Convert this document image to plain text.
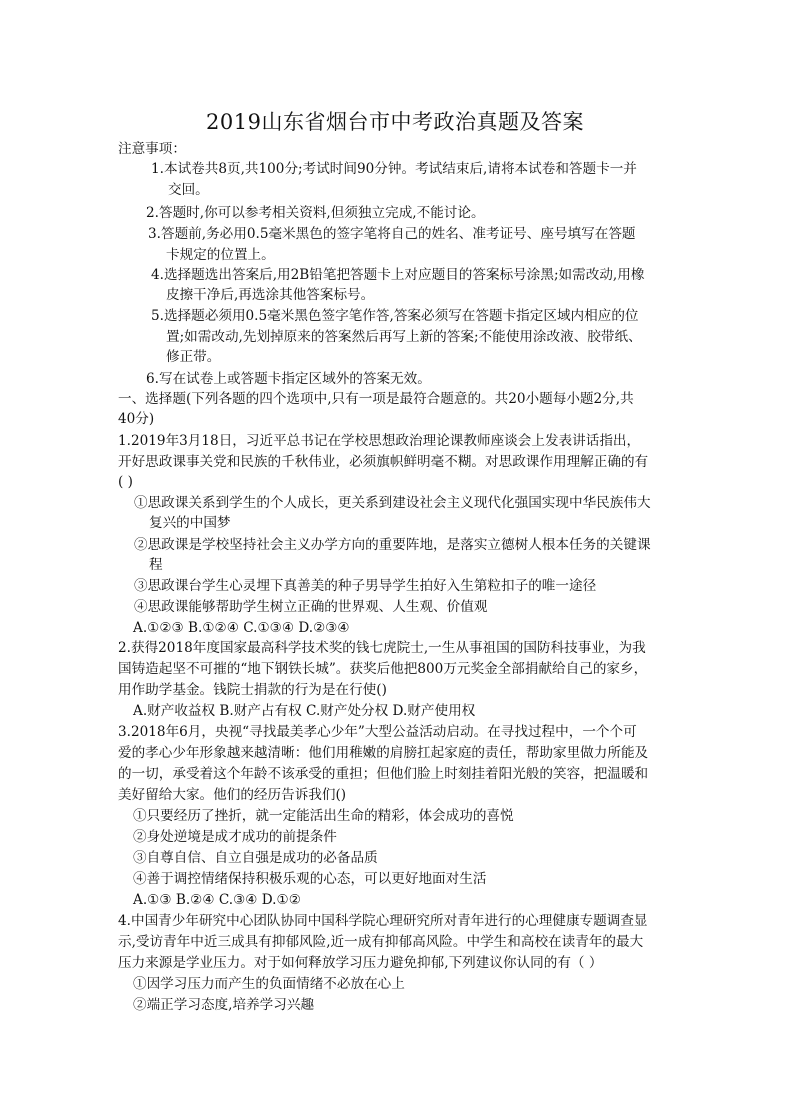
2019山东省烟台市中考政治真题及答案
注意事项：
1.本试卷共8页,共100分;考试时间90分钟。考试结束后,请将本试卷和答题卡一并
交回。
2.答题时,你可以参考相关资料,但须独立完成,不能讨论。
3.答题前,务必用0.5毫米黑色的签字笔将自己的姓名、准考证号、座号填写在答题
卡规定的位置上。
4.选择题选出答案后,用2B铅笔把答题卡上对应题目的答案标号涂黑;如需改动,用橡
皮擦干净后,再选涂其他答案标号。
5.选择题必须用0.5毫米黑色签字笔作答,答案必须写在答题卡指定区域内相应的位
置;如需改动,先划掉原来的答案然后再写上新的答案;不能使用涂改液、胶带纸、
修正带。
6.写在试卷上或答题卡指定区域外的答案无效。
一、选择题(下列各题的四个选项中,只有一项是最符合题意的。共20小题每小题2分,共
40分)
1.2019年3月18日，习近平总书记在学校思想政治理论课教师座谈会上发表讲话指出，
开好思政课事关党和民族的千秋伟业，必须旗帜鲜明毫不糊。对思政课作用理解正确的有
( )
①思政课关系到学生的个人成长，更关系到建设社会主义现代化强国实现中华民族伟大
复兴的中国梦
②思政课是学校坚持社会主义办学方向的重要阵地，是落实立德树人根本任务的关键课
程
③思政课台学生心灵埋下真善美的种子男导学生拍好入生第粒扣子的唯一途径
④思政课能够帮助学生树立正确的世界观、人生观、价值观
A.①②③ B.①②④ C.①③④ D.②③④
2.获得2018年度国家最高科学技术奖的钱七虎院士,一生从事祖国的国防科技事业，为我
国铸造起坚不可摧的“地下钢铁长城”。获奖后他把800万元奖金全部捐献给自己的家乡，
用作助学基金。钱院士捐款的行为是在行使()
A.财产收益权 B.财产占有权 C.财产处分权 D.财产使用权
3.2018年6月，央视“寻找最美孝心少年”大型公益活动启动。在寻找过程中，一个个可
爱的孝心少年形象越来越清晰：他们用稚嫩的肩膀扛起家庭的责任，帮助家里做力所能及
的一切，承受着这个年龄不该承受的重担；但他们脸上时刻挂着阳光般的笑容，把温暖和
美好留给大家。他们的经历告诉我们()
①只要经历了挫折，就一定能活出生命的精彩，体会成功的喜悦
②身处逆境是成才成功的前提条件
③自尊自信、自立自强是成功的必备品质
④善于调控情绪保持积极乐观的心态，可以更好地面对生活
A.①③ B.②④ C.③④ D.①②
4.中国青少年研究中心团队协同中国科学院心理研究所对青年进行的心理健康专题调查显
示,受访青年中近三成具有抑郁风险,近一成有抑郁高风险。中学生和高校在读青年的最大
压力来源是学业压力。对于如何释放学习压力避免抑郁,下列建议你认同的有（ ）
①因学习压力而产生的负面情绪不必放在心上
②端正学习态度,培养学习兴趣
